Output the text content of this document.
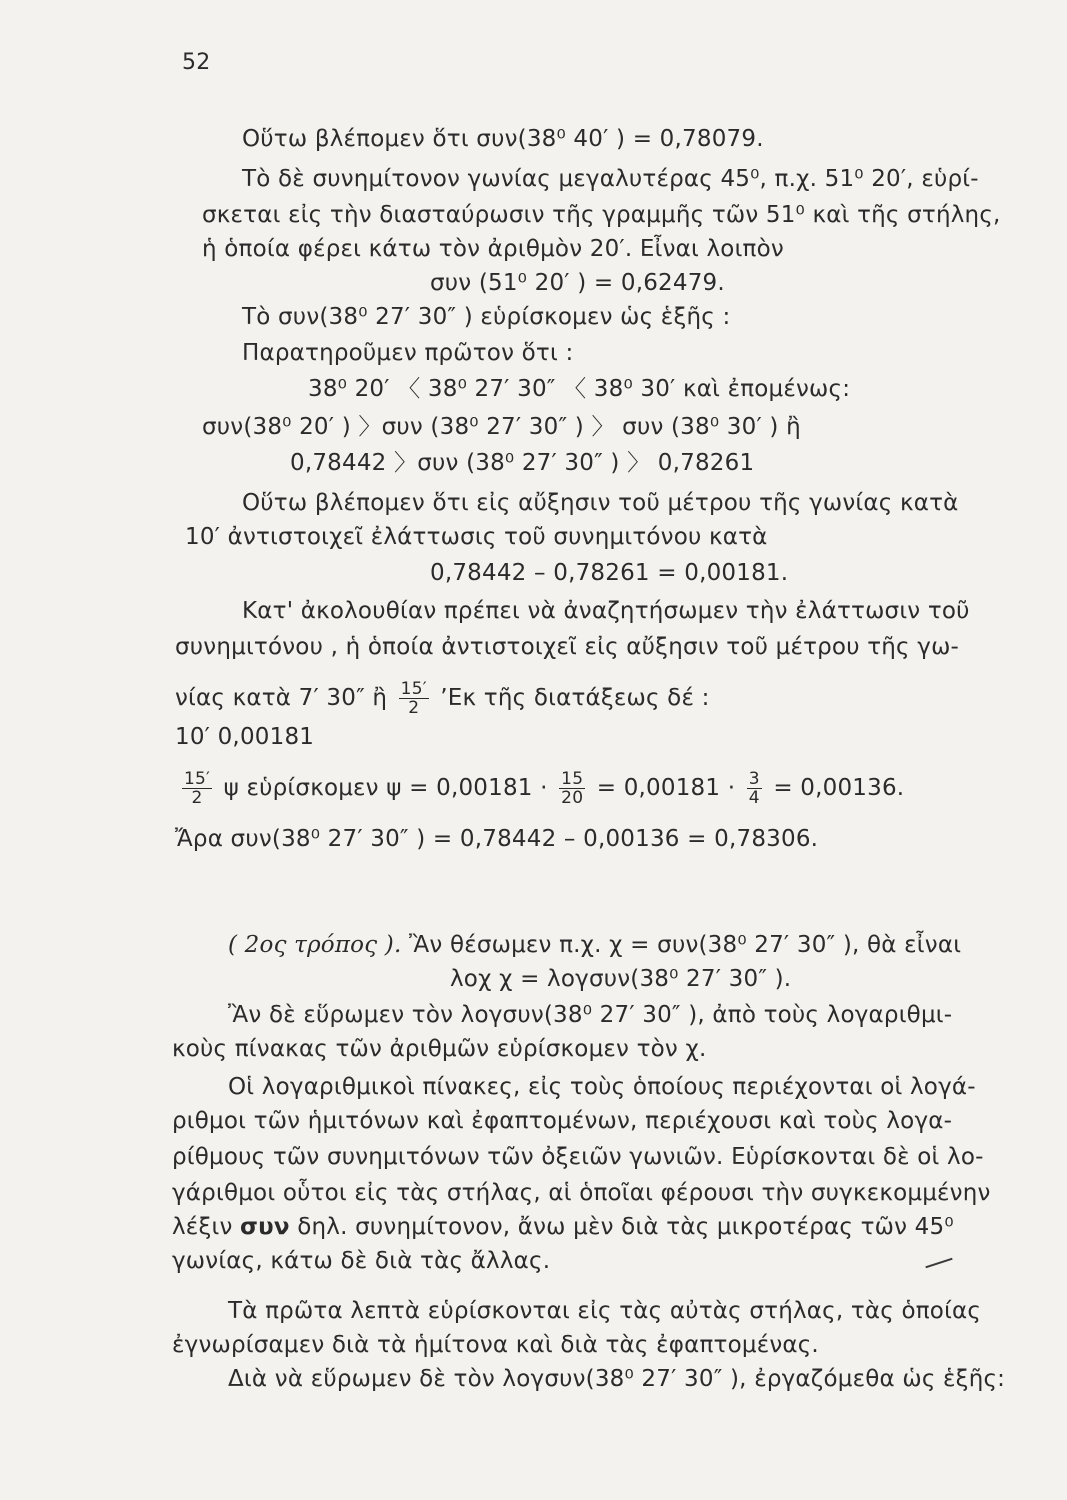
52
Οὕτω βλέπομεν ὅτι συν(38⁰ 40′ ) = 0,78079.
Τὸ δὲ συνημίτονον γωνίας μεγαλυτέρας 45⁰, π.χ. 51⁰ 20′, εὑρί-
σκεται εἰς τὴν διασταύρωσιν τῆς γραμμῆς τῶν 51⁰ καὶ τῆς στήλης,
ἡ ὁποία φέρει κάτω τὸν ἀριθμὸν 20′. Εἶναι λοιπὸν
συν (51⁰ 20′ ) = 0,62479.
Τὸ συν(38⁰ 27′ 30″ ) εὑρίσκομεν ὡς ἑξῆς :
Παρατηροῦμεν πρῶτον ὅτι :
38⁰ 20′ 〈 38⁰ 27′ 30″ 〈 38⁰ 30′ καὶ ἐπομένως:
συν(38⁰ 20′ ) 〉συν (38⁰ 27′ 30″ ) 〉 συν (38⁰ 30′ ) ἢ
0,78442 〉συν (38⁰ 27′ 30″ ) 〉 0,78261
Οὕτω βλέπομεν ὅτι εἰς αὔξησιν τοῦ μέτρου τῆς γωνίας κατὰ
10′ ἀντιστοιχεῖ ἐλάττωσις τοῦ συνημιτόνου κατὰ
0,78442 – 0,78261 = 0,00181.
Κατ' ἀκολουθίαν πρέπει νὰ ἀναζητήσωμεν τὴν ἐλάττωσιν τοῦ
συνημιτόνου , ἡ ὁποία ἀντιστοιχεῖ εἰς αὔξησιν τοῦ μέτρου τῆς γω-
νίας κατὰ 7′ 30″ ἢ $\frac{15'}{2}$ ’Εκ τῆς διατάξεως δέ :
10′ 0,00181
$\frac{15'}{2}$ ψ εὑρίσκομεν $\psi = 0,00181 \cdot \frac{15}{20} = 0,00181 \cdot \frac{3}{4} = 0,00136$.
Ἄρα συν(38⁰ 27′ 30″ ) = 0,78442 – 0,00136 = 0,78306.
( 2ος τρόπος ). Ἂν θέσωμεν π.χ. χ = συν(38⁰ 27′ 30″ ), θὰ εἶναι
λοχ χ = λογσυν(38⁰ 27′ 30″ ).
Ἂν δὲ εὕρωμεν τὸν λογσυν(38⁰ 27′ 30″ ), ἀπὸ τοὺς λογαριθμι-
κοὺς πίνακας τῶν ἀριθμῶν εὑρίσκομεν τὸν χ.
Οἱ λογαριθμικοὶ πίνακες, εἰς τοὺς ὁποίους περιέχονται οἱ λογά-
ριθμοι τῶν ἡμιτόνων καὶ ἐφαπτομένων, περιέχουσι καὶ τοὺς λογα-
ρίθμους τῶν συνημιτόνων τῶν ὀξειῶν γωνιῶν. Εὑρίσκονται δὲ οἱ λο-
γάριθμοι οὗτοι εἰς τὰς στήλας, αἱ ὁποῖαι φέρουσι τὴν συγκεκομμένην
λέξιν συν δηλ. συνημίτονον, ἄνω μὲν διὰ τὰς μικροτέρας τῶν 45⁰
γωνίας, κάτω δὲ διὰ τὰς ἄλλας.
Τὰ πρῶτα λεπτὰ εὑρίσκονται εἰς τὰς αὐτὰς στήλας, τὰς ὁποίας
ἐγνωρίσαμεν διὰ τὰ ἡμίτονα καὶ διὰ τὰς ἐφαπτομένας.
Διὰ νὰ εὕρωμεν δὲ τὸν λογσυν(38⁰ 27′ 30″ ), ἐργαζόμεθα ὡς ἑξῆς:
